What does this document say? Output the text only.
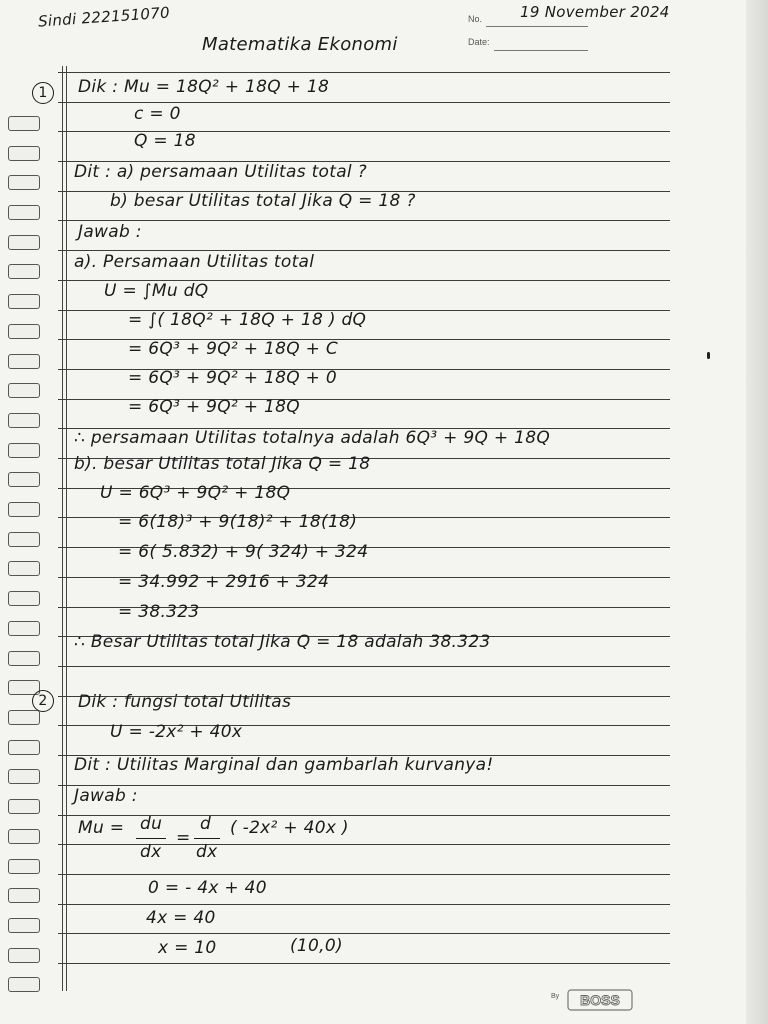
Sindi 222151070	No.
Date:
19 November 2024
Matematika Ekonomi
1	Dik : Mu = 18Q² + 18Q + 18
c = 0
Q = 18
Dit : a) persamaan Utilitas total ?
b) besar Utilitas total Jika Q = 18 ?
Jawab :
a). Persamaan Utilitas total
U = ∫Mu dQ
= ∫( 18Q² + 18Q + 18 ) dQ
= 6Q³ + 9Q² + 18Q + C
= 6Q³ + 9Q² + 18Q + 0
= 6Q³ + 9Q² + 18Q
∴ persamaan Utilitas totalnya adalah 6Q³ + 9Q + 18Q
b). besar Utilitas total Jika Q = 18
U = 6Q³ + 9Q² + 18Q
= 6(18)³ + 9(18)² + 18(18)
= 6( 5.832) + 9( 324) + 324
= 34.992 + 2916 + 324
= 38.323
∴ Besar Utilitas total Jika Q = 18 adalah 38.323
2	Dik : fungsi total Utilitas
U = -2x² + 40x
Dit : Utilitas Marginal dan gambarlah kurvanya!
Jawab :
Mu = du
dx
=
d
dx
( -2x² + 40x )
0 = - 4x + 40
4x = 40
x = 10	(10,0)
By BOSS
